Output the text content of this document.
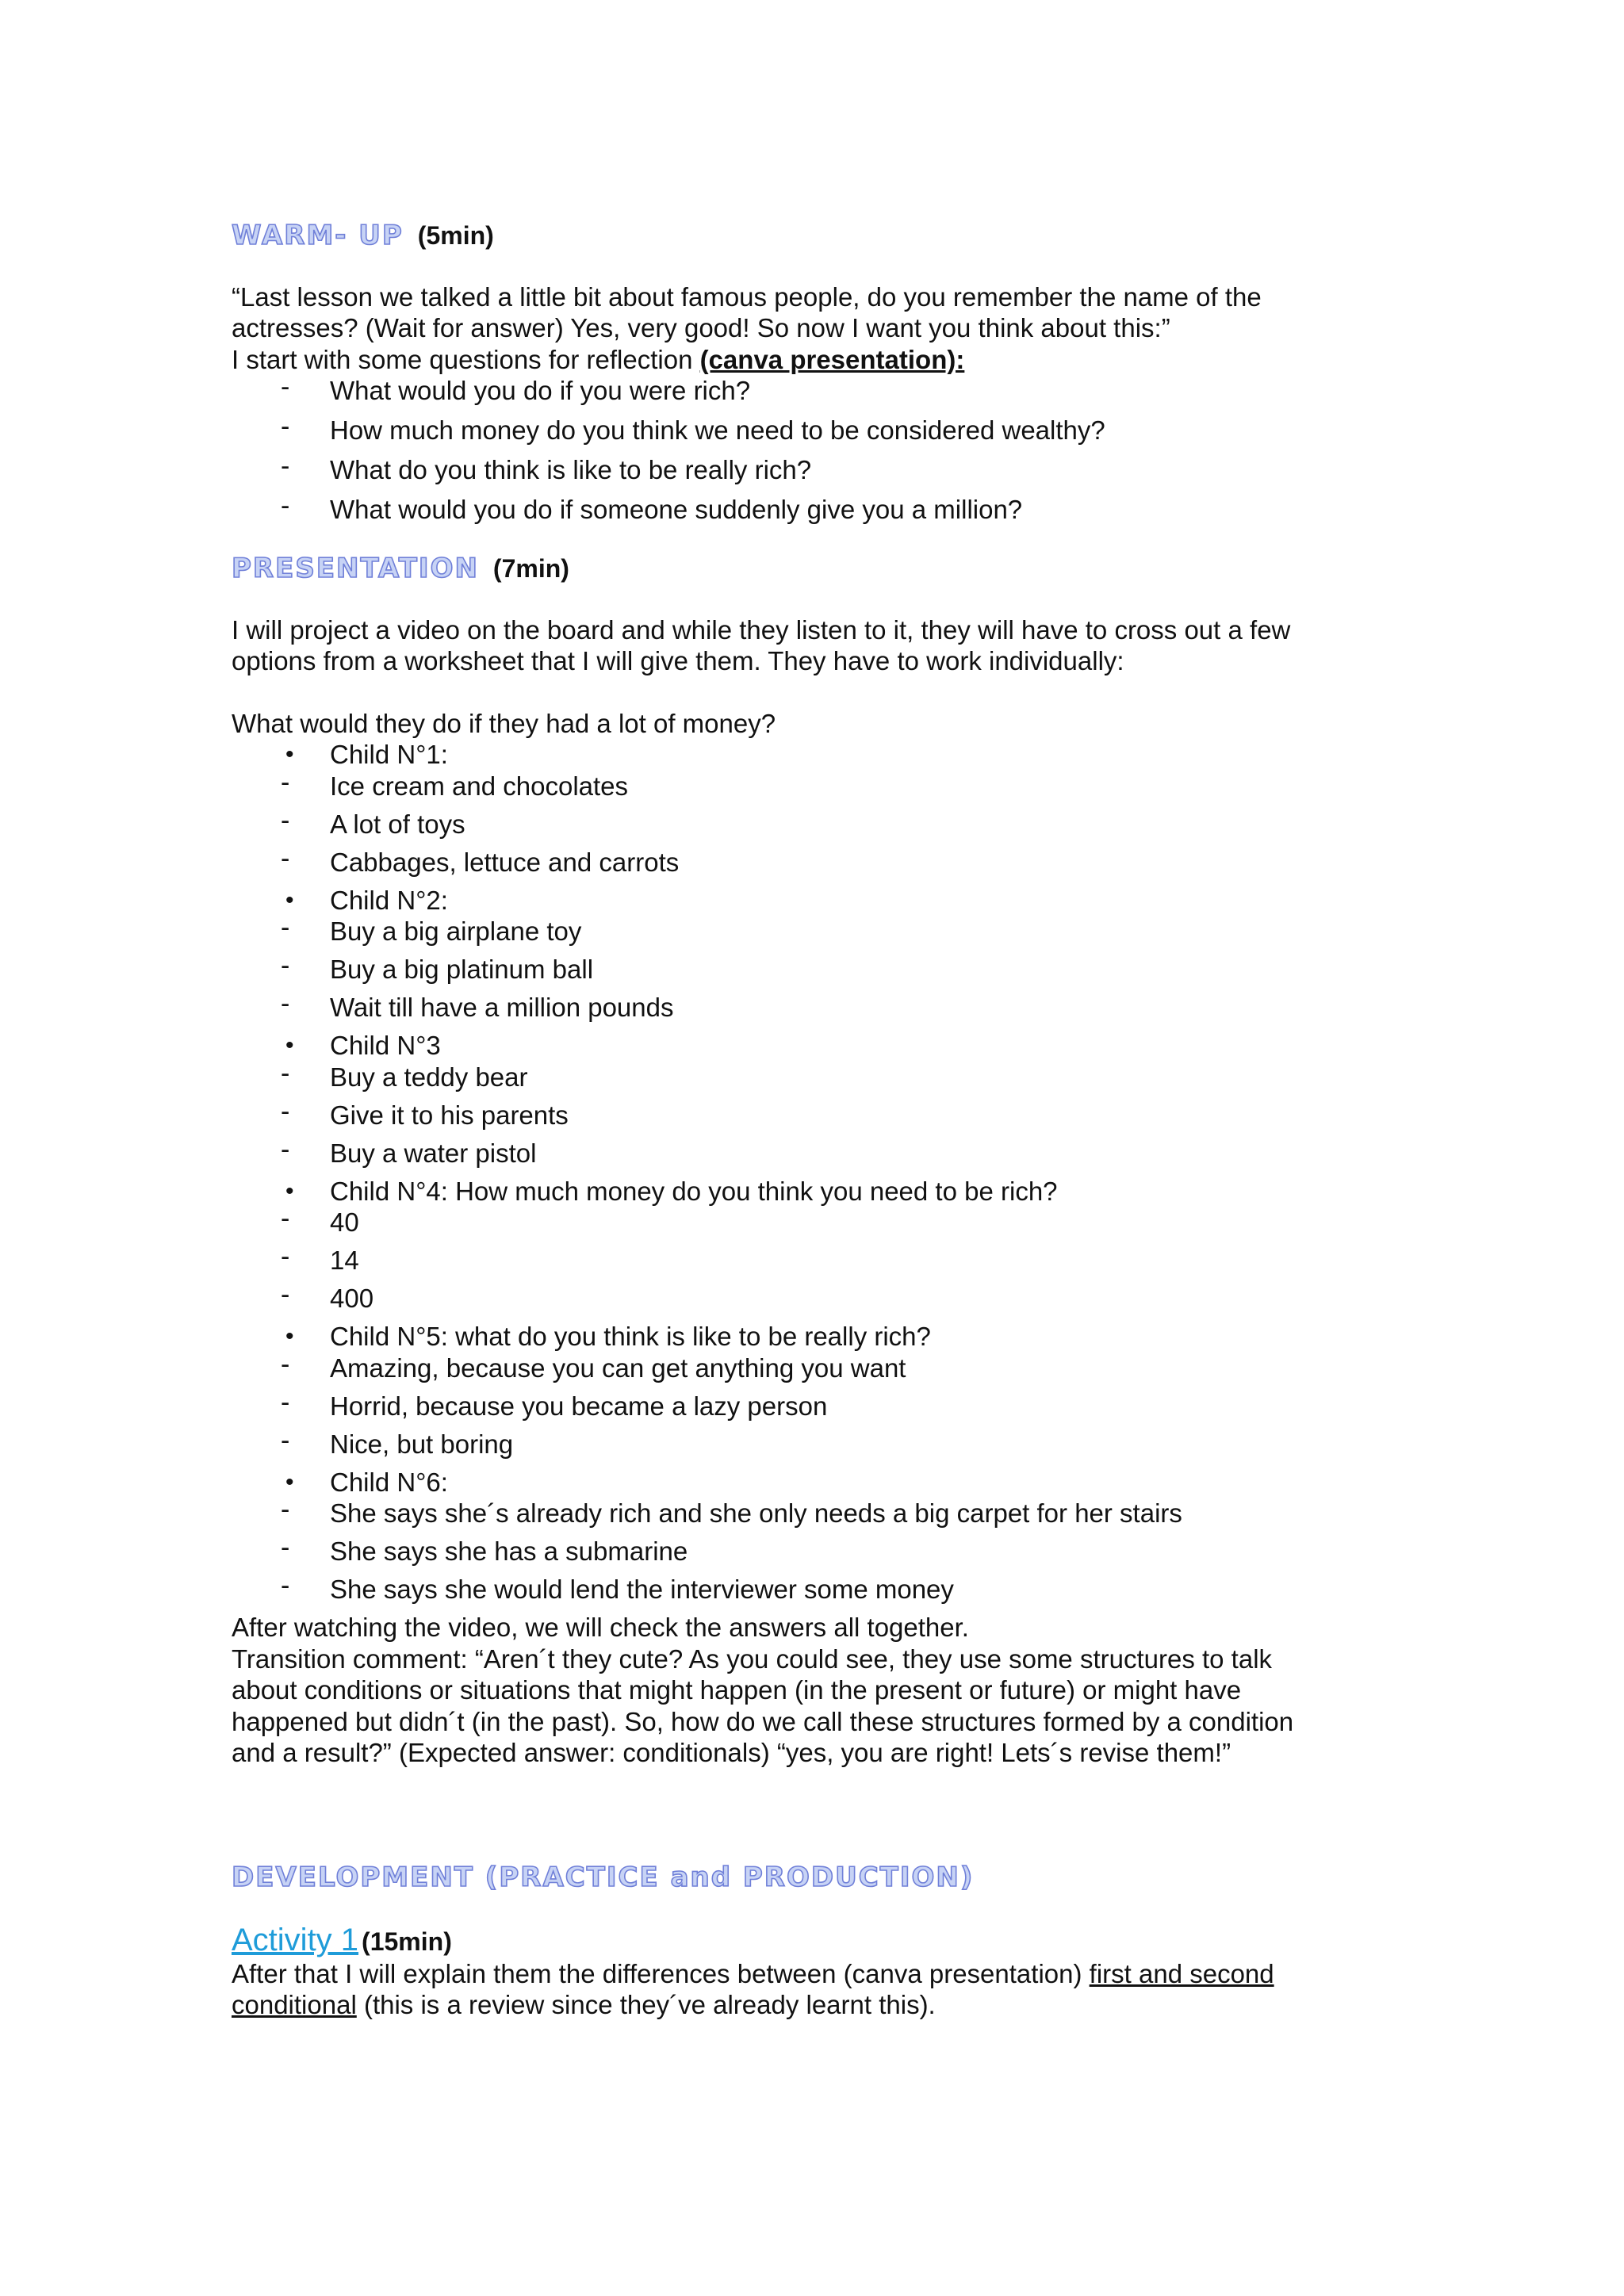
WARM- UP (5min)

“Last lesson we talked a little bit about famous people, do you remember the name of the

actresses? (Wait for answer) Yes, very good! So now I want you think about this:”

I start with some questions for reflection (canva presentation):

- What would you do if you were rich?
- How much money do you think we need to be considered wealthy?
- What do you think is like to be really rich?
- What would you do if someone suddenly give you a million?
PRESENTATION (7min)

I will project a video on the board and while they listen to it, they will have to cross out a few

options from a worksheet that I will give them. They have to work individually:

What would they do if they had a lot of money?

• Child N°1:
- Ice cream and chocolates
- A lot of toys
- Cabbages, lettuce and carrots
• Child N°2:
- Buy a big airplane toy
- Buy a big platinum ball
- Wait till have a million pounds
• Child N°3
- Buy a teddy bear
- Give it to his parents
- Buy a water pistol
• Child N°4: How much money do you think you need to be rich?
- 40
- 14
- 400
• Child N°5: what do you think is like to be really rich?
- Amazing, because you can get anything you want
- Horrid, because you became a lazy person
- Nice, but boring
• Child N°6:
- She says she´s already rich and she only needs a big carpet for her stairs
- She says she has a submarine
- She says she would lend the interviewer some money

After watching the video, we will check the answers all together.

Transition comment: “Aren´t they cute? As you could see, they use some structures to talk

about conditions or situations that might happen (in the present or future) or might have

happened but didn´t (in the past). So, how do we call these structures formed by a condition

and a result?” (Expected answer: conditionals) “yes, you are right! Lets´s revise them!”

DEVELOPMENT (PRACTICE and PRODUCTION)
Activity 1 (15min)

After that I will explain them the differences between (canva presentation) first and second

conditional (this is a review since they´ve already learnt this).
